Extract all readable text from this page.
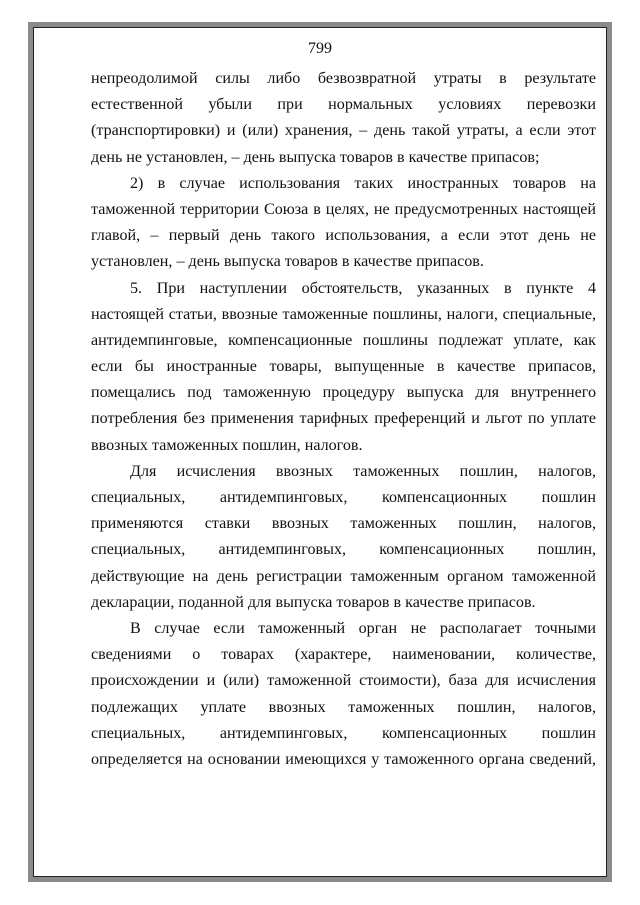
799
непреодолимой силы либо безвозвратной утраты в результате
естественной убыли при нормальных условиях перевозки
(транспортировки) и (или) хранения, – день такой утраты, а если этот
день не установлен, – день выпуска товаров в качестве припасов;
2) в случае использования таких иностранных товаров на
таможенной территории Союза в целях, не предусмотренных настоящей
главой, – первый день такого использования, а если этот день не
установлен, – день выпуска товаров в качестве припасов.
5. При наступлении обстоятельств, указанных в пункте 4
настоящей статьи, ввозные таможенные пошлины, налоги, специальные,
антидемпинговые, компенсационные пошлины подлежат уплате, как
если бы иностранные товары, выпущенные в качестве припасов,
помещались под таможенную процедуру выпуска для внутреннего
потребления без применения тарифных преференций и льгот по уплате
ввозных таможенных пошлин, налогов.
Для исчисления ввозных таможенных пошлин, налогов,
специальных, антидемпинговых, компенсационных пошлин
применяются ставки ввозных таможенных пошлин, налогов,
специальных, антидемпинговых, компенсационных пошлин,
действующие на день регистрации таможенным органом таможенной
декларации, поданной для выпуска товаров в качестве припасов.
В случае если таможенный орган не располагает точными
сведениями о товарах (характере, наименовании, количестве,
происхождении и (или) таможенной стоимости), база для исчисления
подлежащих уплате ввозных таможенных пошлин, налогов,
специальных, антидемпинговых, компенсационных пошлин
определяется на основании имеющихся у таможенного органа сведений,
